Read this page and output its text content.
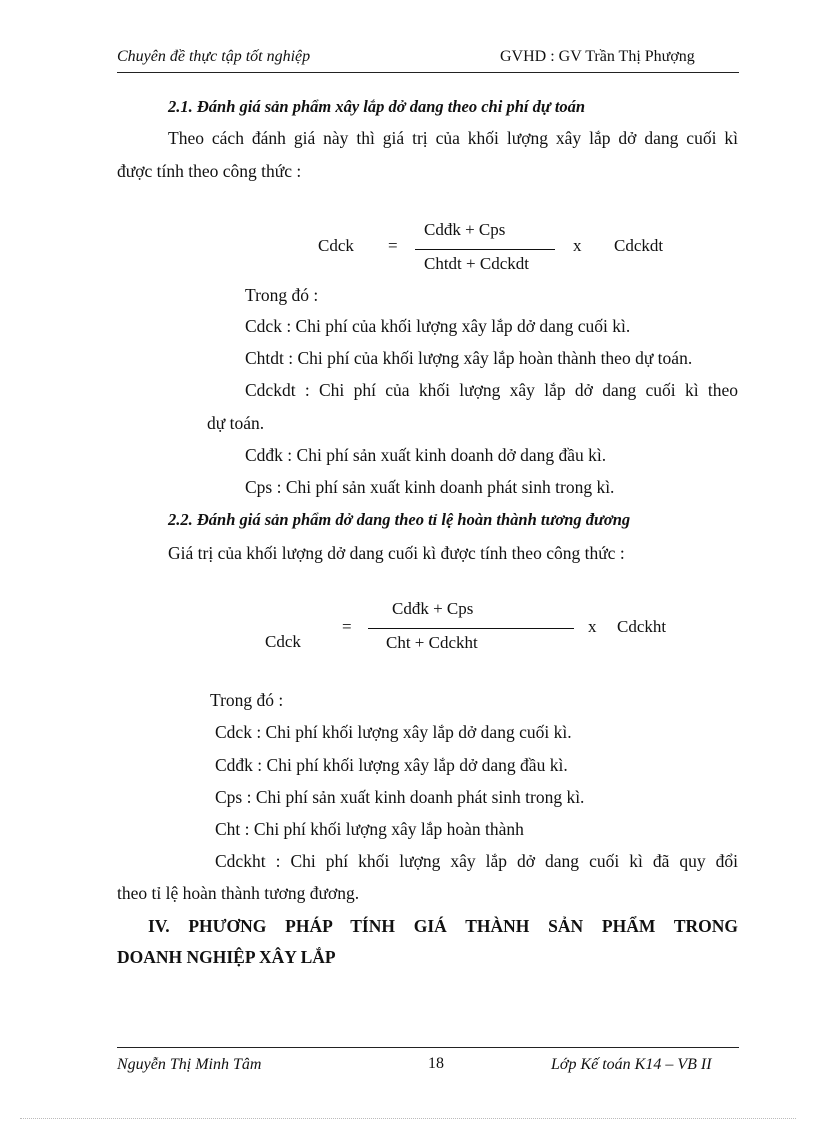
Chuyên đề thực tập tốt nghiệp	GVHD : GV Trần Thị Phượng
2.1. Đánh giá sản phẩm xây lắp dở dang theo chi phí dự toán
Theo cách đánh giá này thì giá trị của khối lượng xây lắp dở dang cuối kì
được tính theo công thức :
Cdck =
Cdđk + Cps
Chtdt + Cdckdt
x Cdckdt
Trong đó :
Cdck : Chi phí của khối lượng xây lắp dở dang cuối kì.
Chtdt : Chi phí của khối lượng xây lắp hoàn thành theo dự toán.
Cdckdt : Chi phí của khối lượng xây lắp dở dang cuối kì theo
dự toán.
Cdđk : Chi phí sản xuất kinh doanh dở dang đầu kì.
Cps : Chi phí sản xuất kinh doanh phát sinh trong kì.
2.2. Đánh giá sản phẩm dở dang theo tỉ lệ hoàn thành tương đương
Giá trị của khối lượng dở dang cuối kì được tính theo công thức :
Cdck
=
Cdđk + Cps
Cht + Cdckht
x Cdckht
Trong đó :
Cdck : Chi phí khối lượng xây lắp dở dang cuối kì.
Cdđk : Chi phí khối lượng xây lắp dở dang đầu kì.
Cps : Chi phí sản xuất kinh doanh phát sinh trong kì.
Cht : Chi phí khối lượng xây lắp hoàn thành
Cdckht : Chi phí khối lượng xây lắp dở dang cuối kì đã quy đổi
theo tỉ lệ hoàn thành tương đương.
IV. PHƯƠNG PHÁP TÍNH GIÁ THÀNH SẢN PHẨM TRONG
DOANH NGHIỆP XÂY LẮP
Nguyễn Thị Minh Tâm	18	Lớp Kế toán K14 – VB II
